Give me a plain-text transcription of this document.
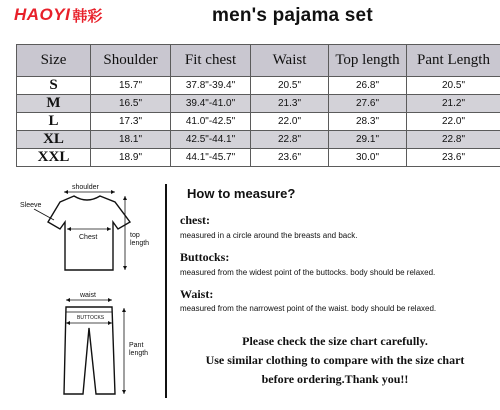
HAOYI 韩彩	men's pajama set
Size	Shoulder	Fit chest	Waist	Top length	Pant Length
S	15.7"	37.8"-39.4"	20.5"	26.8"	20.5"
M	16.5"	39.4"-41.0"	21.3"	27.6"	21.2"
L	17.3"	41.0"-42.5"	22.0"	28.3"	22.0"
XL	18.1"	42.5"-44.1"	22.8"	29.1"	22.8"
XXL	18.9"	44.1"-45.7"	23.6"	30.0"	23.6"
shoulder
Sleeve
Chest	top
length
waist
BUTTOCKS
Pant
length
How to measure?
chest:
measured in a circle around the breasts and back.
Buttocks:
measured from the widest point of the buttocks. body should be relaxed.
Waist:
measured from the narrowest point of the waist. body should be relaxed.
Please check the size chart carefully.
Use similar clothing to compare with the size chart
before ordering.Thank you!!
